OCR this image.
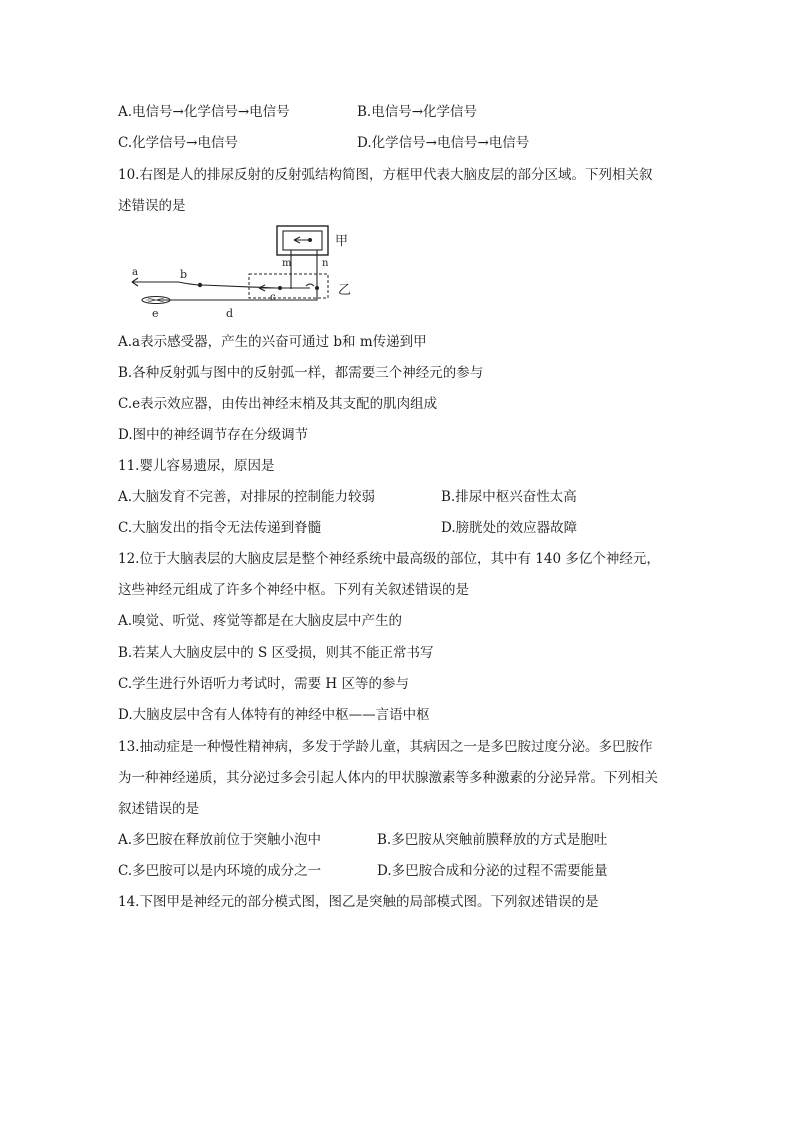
A.电信号→化学信号→电信号	B.电信号→化学信号
C.化学信号→电信号	D.化学信号→电信号→电信号
10.右图是人的排尿反射的反射弧结构简图，方框甲代表大脑皮层的部分区域。下列相关叙
述错误的是
甲
m	n
乙
a	b
c
e	d
A.a表示感受器，产生的兴奋可通过 b和 m传递到甲
B.各种反射弧与图中的反射弧一样，都需要三个神经元的参与
C.e表示效应器，由传出神经末梢及其支配的肌肉组成
D.图中的神经调节存在分级调节
11.婴儿容易遗尿，原因是
A.大脑发育不完善，对排尿的控制能力较弱	B.排尿中枢兴奋性太高
C.大脑发出的指令无法传递到脊髓	D.膀胱处的效应器故障
12.位于大脑表层的大脑皮层是整个神经系统中最高级的部位，其中有 140 多亿个神经元，
这些神经元组成了许多个神经中枢。下列有关叙述错误的是
A.嗅觉、听觉、疼觉等都是在大脑皮层中产生的
B.若某人大脑皮层中的 S 区受损，则其不能正常书写
C.学生进行外语听力考试时，需要 H 区等的参与
D.大脑皮层中含有人体特有的神经中枢——言语中枢
13.抽动症是一种慢性精神病，多发于学龄儿童，其病因之一是多巴胺过度分泌。多巴胺作
为一种神经递质，其分泌过多会引起人体内的甲状腺激素等多种激素的分泌异常。下列相关
叙述错误的是
A.多巴胺在释放前位于突触小泡中	B.多巴胺从突触前膜释放的方式是胞吐
C.多巴胺可以是内环境的成分之一	D.多巴胺合成和分泌的过程不需要能量
14.下图甲是神经元的部分模式图，图乙是突触的局部模式图。下列叙述错误的是
